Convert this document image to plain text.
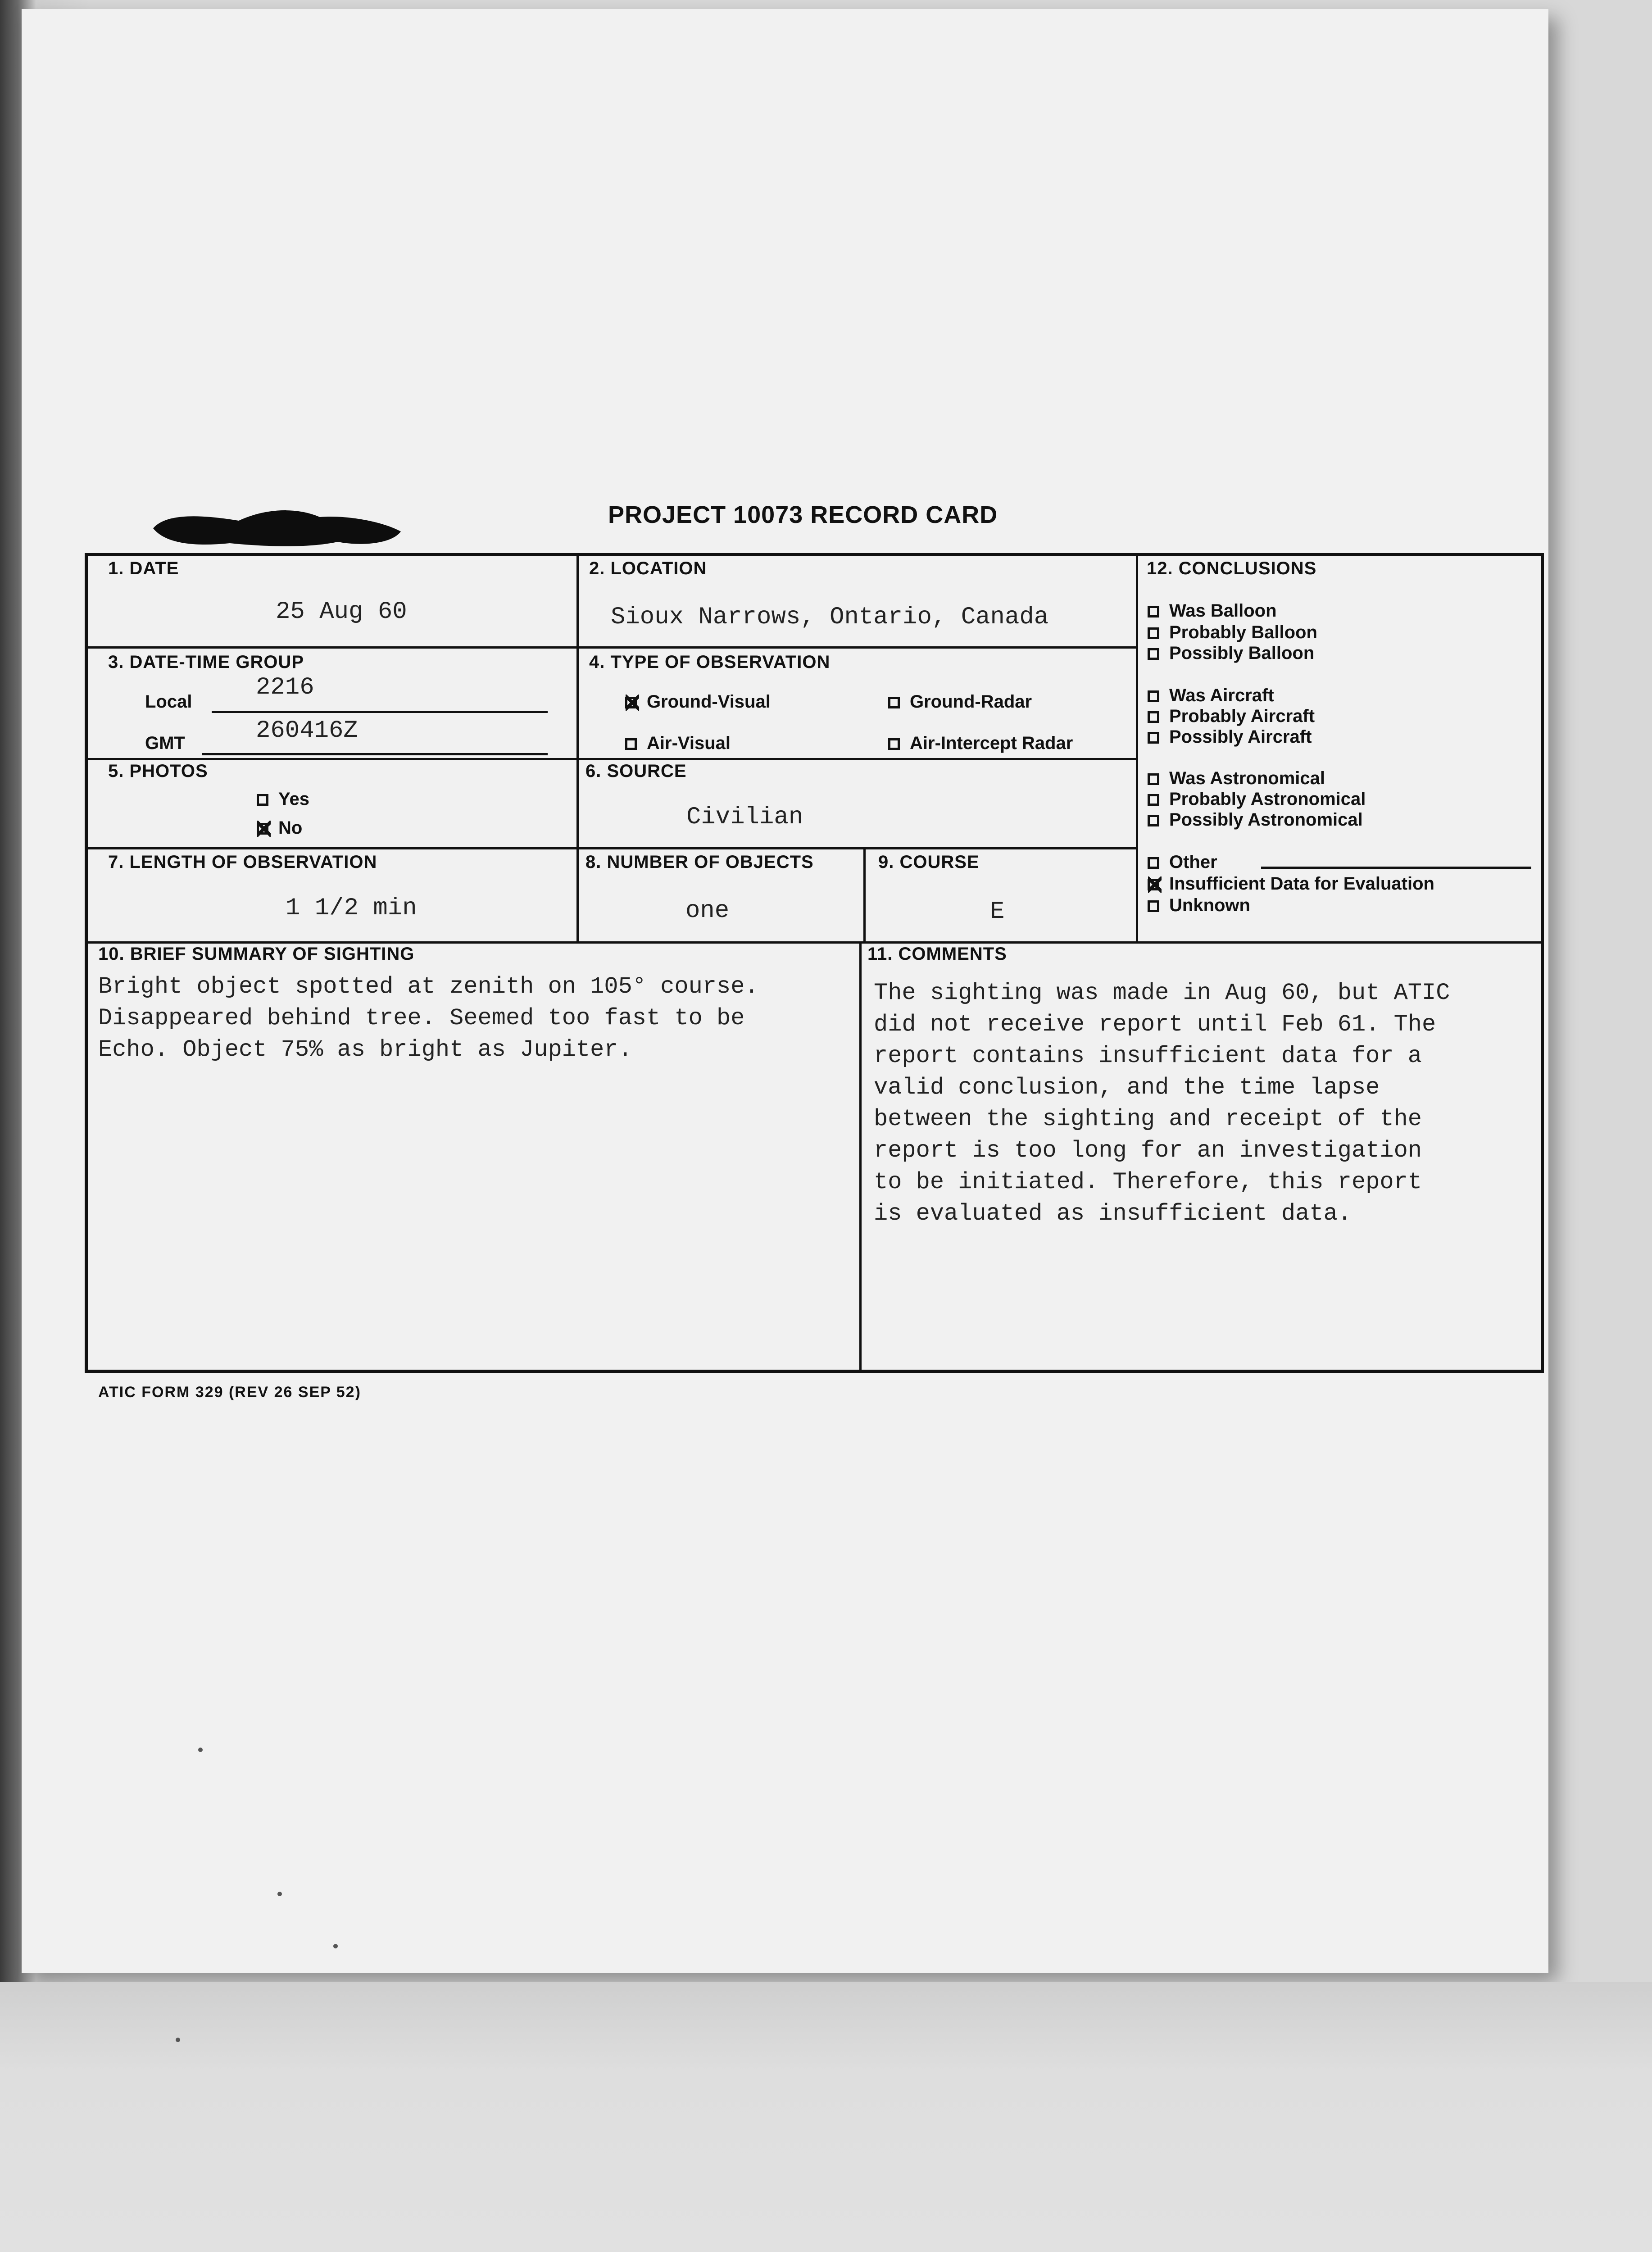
PROJECT 10073 RECORD CARD
1. DATE
25 Aug 60
2. LOCATION
Sioux Narrows, Ontario, Canada
3. DATE-TIME GROUP
Local
2216
GMT	260416Z
4. TYPE OF OBSERVATION
Ground-Visual	Ground-Radar
Air-Visual	Air-Intercept Radar
5. PHOTOS
Yes
No
6. SOURCE
Civilian
7. LENGTH OF OBSERVATION
1 1/2 min
8. NUMBER OF OBJECTS
one
9. COURSE
E
12. CONCLUSIONS
Was Balloon
Probably Balloon
Possibly Balloon
Was Aircraft
Probably Aircraft
Possibly Aircraft
Was Astronomical
Probably Astronomical
Possibly Astronomical
Other
Insufficient Data for Evaluation
Unknown
10. BRIEF SUMMARY OF SIGHTING
Bright object spotted at zenith on 105° course.
Disappeared behind tree. Seemed too fast to be
Echo. Object 75% as bright as Jupiter.
11. COMMENTS
The sighting was made in Aug 60, but ATIC
did not receive report until Feb 61. The
report contains insufficient data for a
valid conclusion, and the time lapse
between the sighting and receipt of the
report is too long for an investigation
to be initiated. Therefore, this report
is evaluated as insufficient data.
ATIC FORM 329 (REV 26 SEP 52)
